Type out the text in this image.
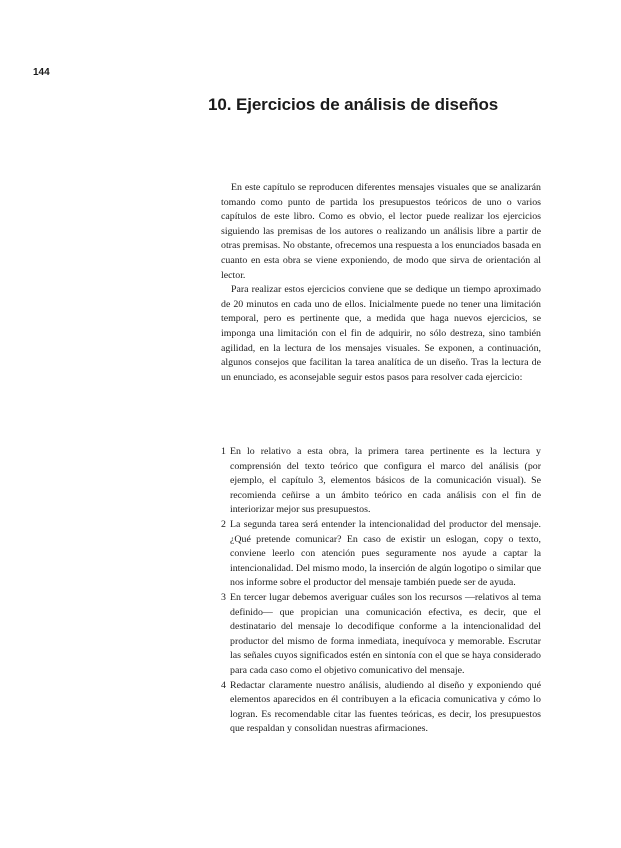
144
10. Ejercicios de análisis de diseños

En este capítulo se reproducen diferentes mensajes visuales que se analizarán tomando como punto de partida los presupuestos teóricos de uno o varios capítulos de este libro. Como es obvio, el lector puede realizar los ejercicios siguiendo las premisas de los autores o realizando un análisis libre a partir de otras premisas. No obstante, ofrecemos una respuesta a los enunciados basada en cuanto en esta obra se viene exponiendo, de modo que sirva de orientación al lector.

Para realizar estos ejercicios conviene que se dedique un tiempo aproximado de 20 minutos en cada uno de ellos. Inicialmente puede no tener una limitación temporal, pero es pertinente que, a medida que haga nuevos ejercicios, se imponga una limitación con el fin de adquirir, no sólo destreza, sino también agilidad, en la lectura de los mensajes visuales. Se exponen, a continuación, algunos consejos que facilitan la tarea analítica de un diseño. Tras la lectura de un enunciado, es aconsejable seguir estos pasos para resolver cada ejercicio:

1 En lo relativo a esta obra, la primera tarea pertinente es la lectura y comprensión del texto teórico que configura el marco del análisis (por ejemplo, el capítulo 3, elementos básicos de la comunicación visual). Se recomienda ceñirse a un ámbito teórico en cada análisis con el fin de interiorizar mejor sus presupuestos.
2 La segunda tarea será entender la intencionalidad del productor del mensaje. ¿Qué pretende comunicar? En caso de existir un eslogan, copy o texto, conviene leerlo con atención pues seguramente nos ayude a captar la intencionalidad. Del mismo modo, la inserción de algún logotipo o similar que nos informe sobre el productor del mensaje también puede ser de ayuda.
3 En tercer lugar debemos averiguar cuáles son los recursos —relativos al tema definido— que propician una comunicación efectiva, es decir, que el destinatario del mensaje lo decodifique conforme a la intencionalidad del productor del mismo de forma inmediata, inequívoca y memorable. Escrutar las señales cuyos significados estén en sintonía con el que se haya considerado para cada caso como el objetivo comunicativo del mensaje.
4 Redactar claramente nuestro análisis, aludiendo al diseño y exponiendo qué elementos aparecidos en él contribuyen a la eficacia comunicativa y cómo lo logran. Es recomendable citar las fuentes teóricas, es decir, los presupuestos que respaldan y consolidan nuestras afirmaciones.
